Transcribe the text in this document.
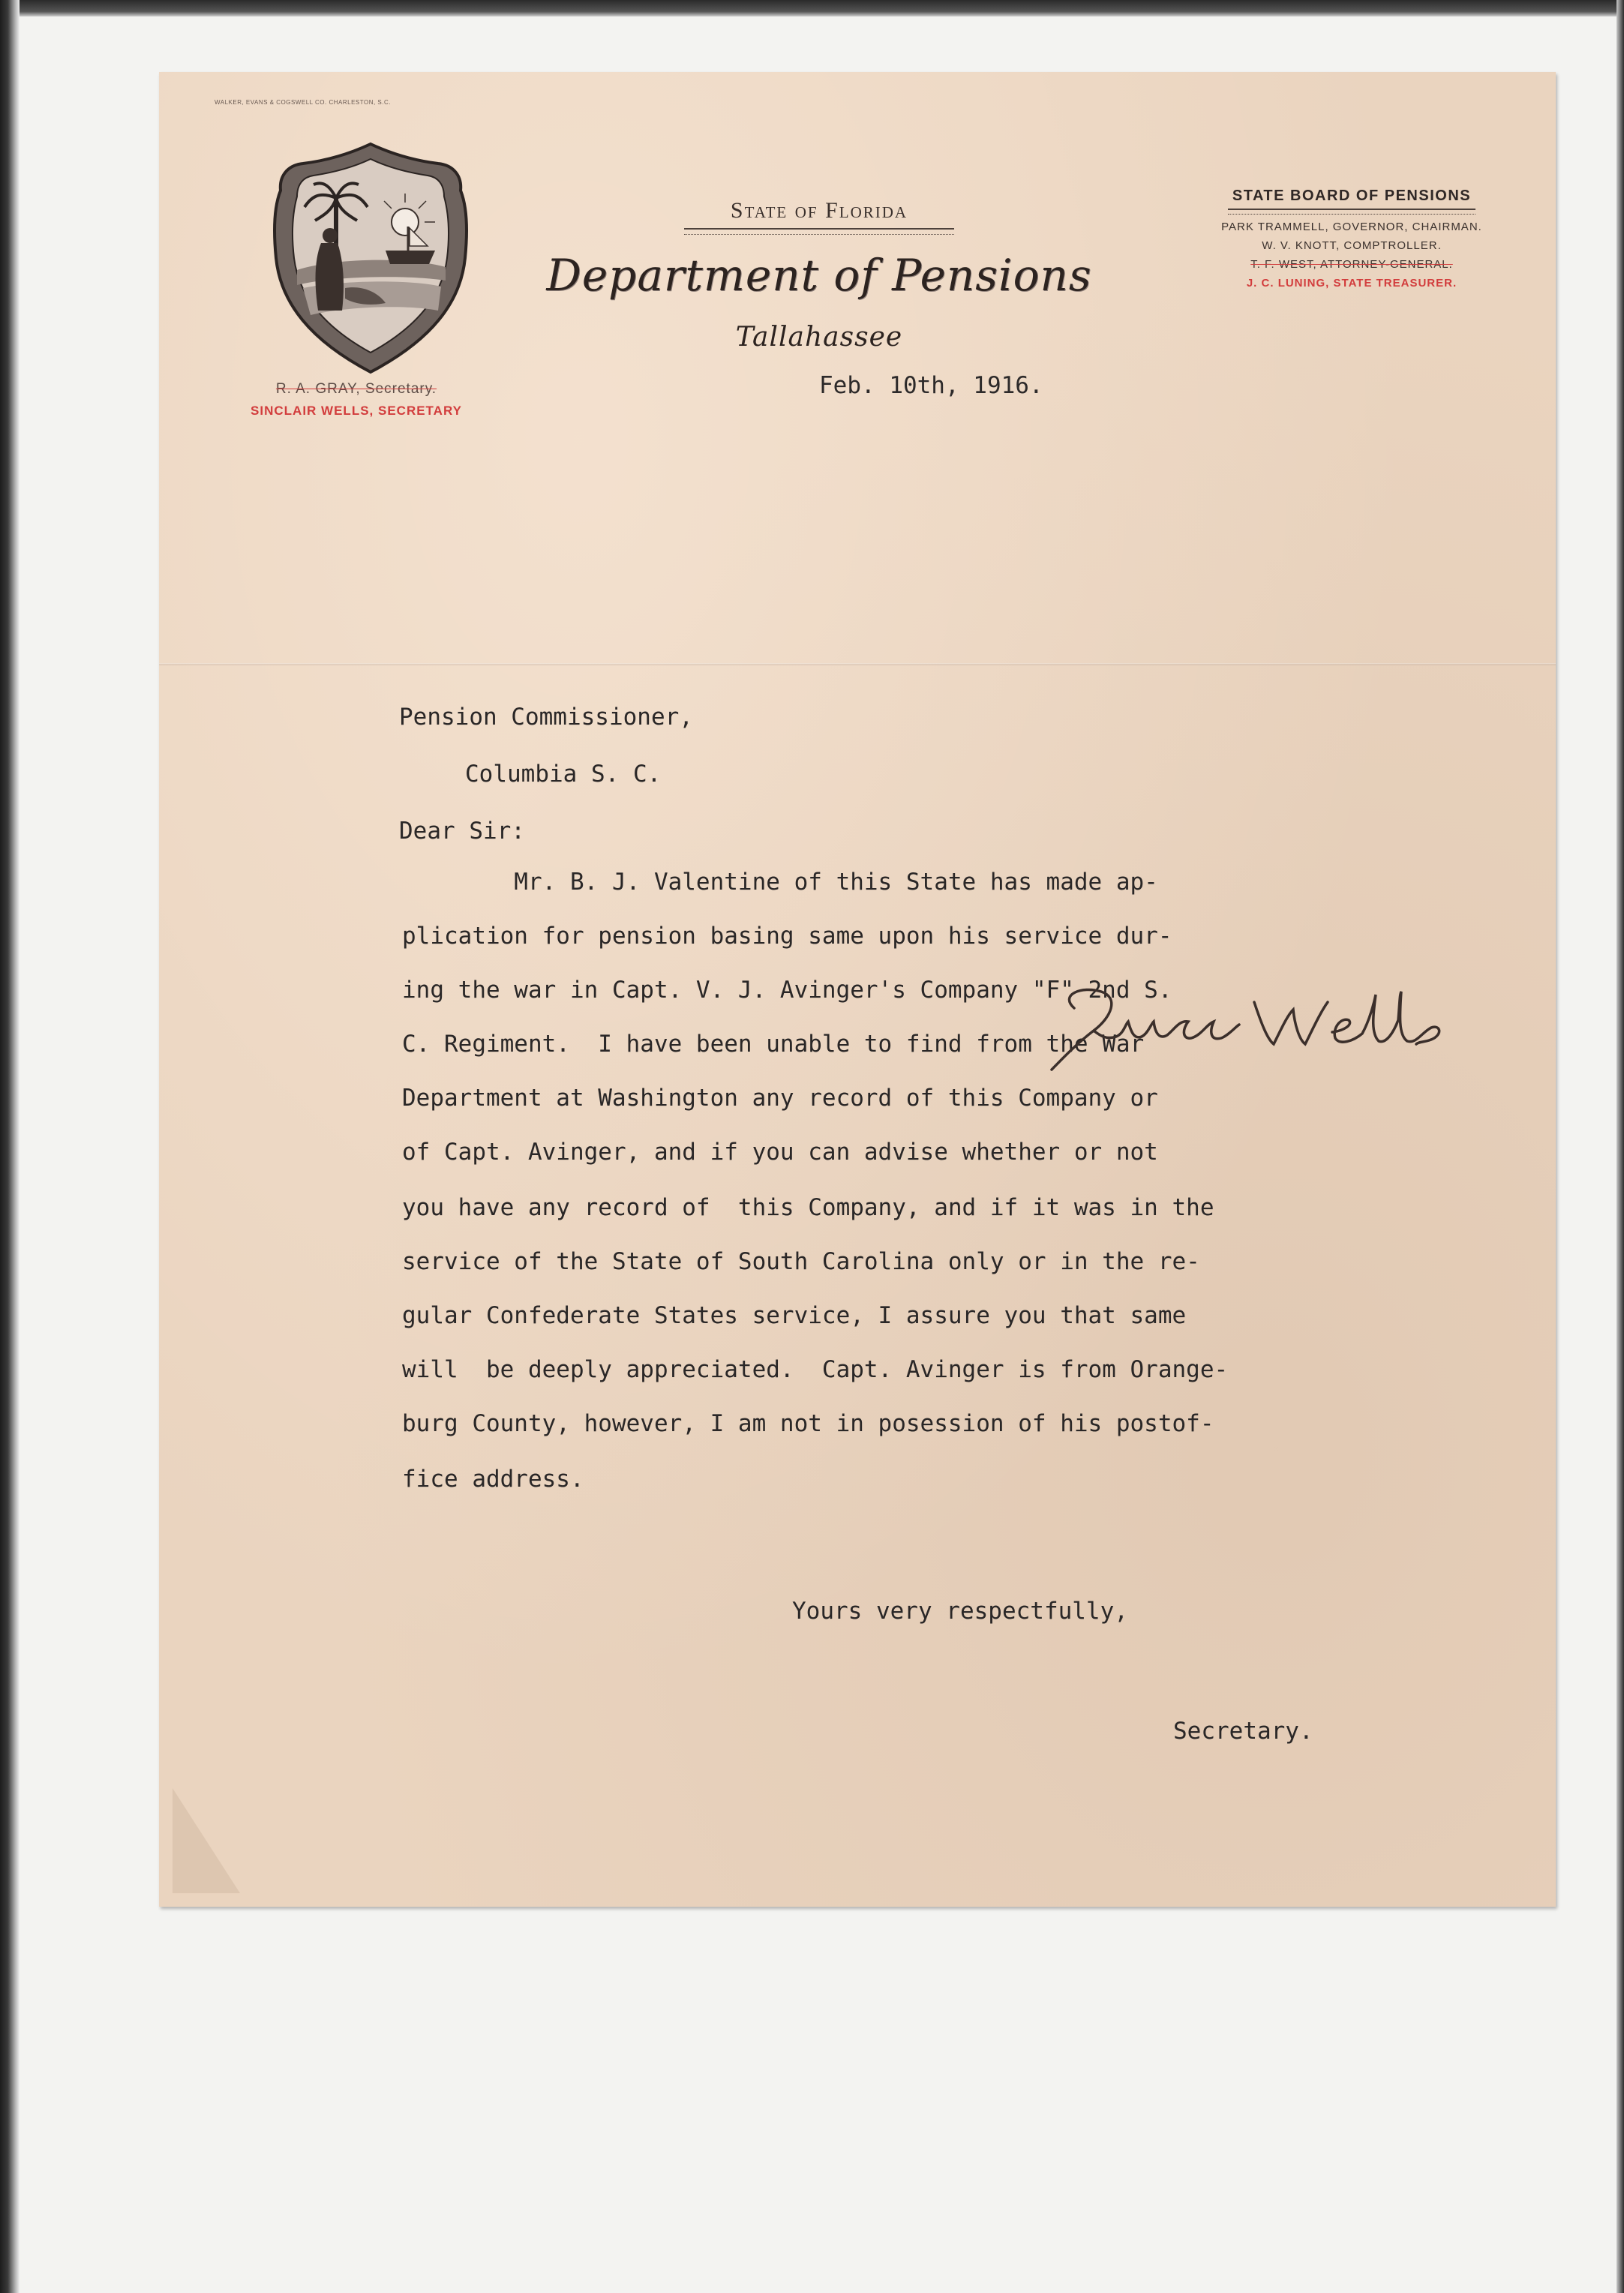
WALKER, EVANS & COGSWELL CO. CHARLESTON, S.C.
R. A. GRAY, Secretary.
SINCLAIR WELLS, SECRETARY
State of Florida
Department of Pensions
Tallahassee
Feb. 10th, 1916.
STATE BOARD OF PENSIONS
PARK TRAMMELL, GOVERNOR, CHAIRMAN.
W. V. KNOTT, COMPTROLLER.
T. F. WEST, ATTORNEY-GENERAL.
J. C. LUNING, STATE TREASURER.
Pension Commissioner,
Columbia S. C.
Dear Sir:
Mr. B. J. Valentine of this State has made ap-
plication for pension basing same upon his service dur-
ing the war in Capt. V. J. Avinger's Company "F" 2nd S.
C. Regiment.  I have been unable to find from the War
Department at Washington any record of this Company or
of Capt. Avinger, and if you can advise whether or not
you have any record of  this Company, and if it was in the
service of the State of South Carolina only or in the re-
gular Confederate States service, I assure you that same
will  be deeply appreciated.  Capt. Avinger is from Orange-
burg County, however, I am not in posession of his postof-
fice address.
Yours very respectfully,
Secretary.
